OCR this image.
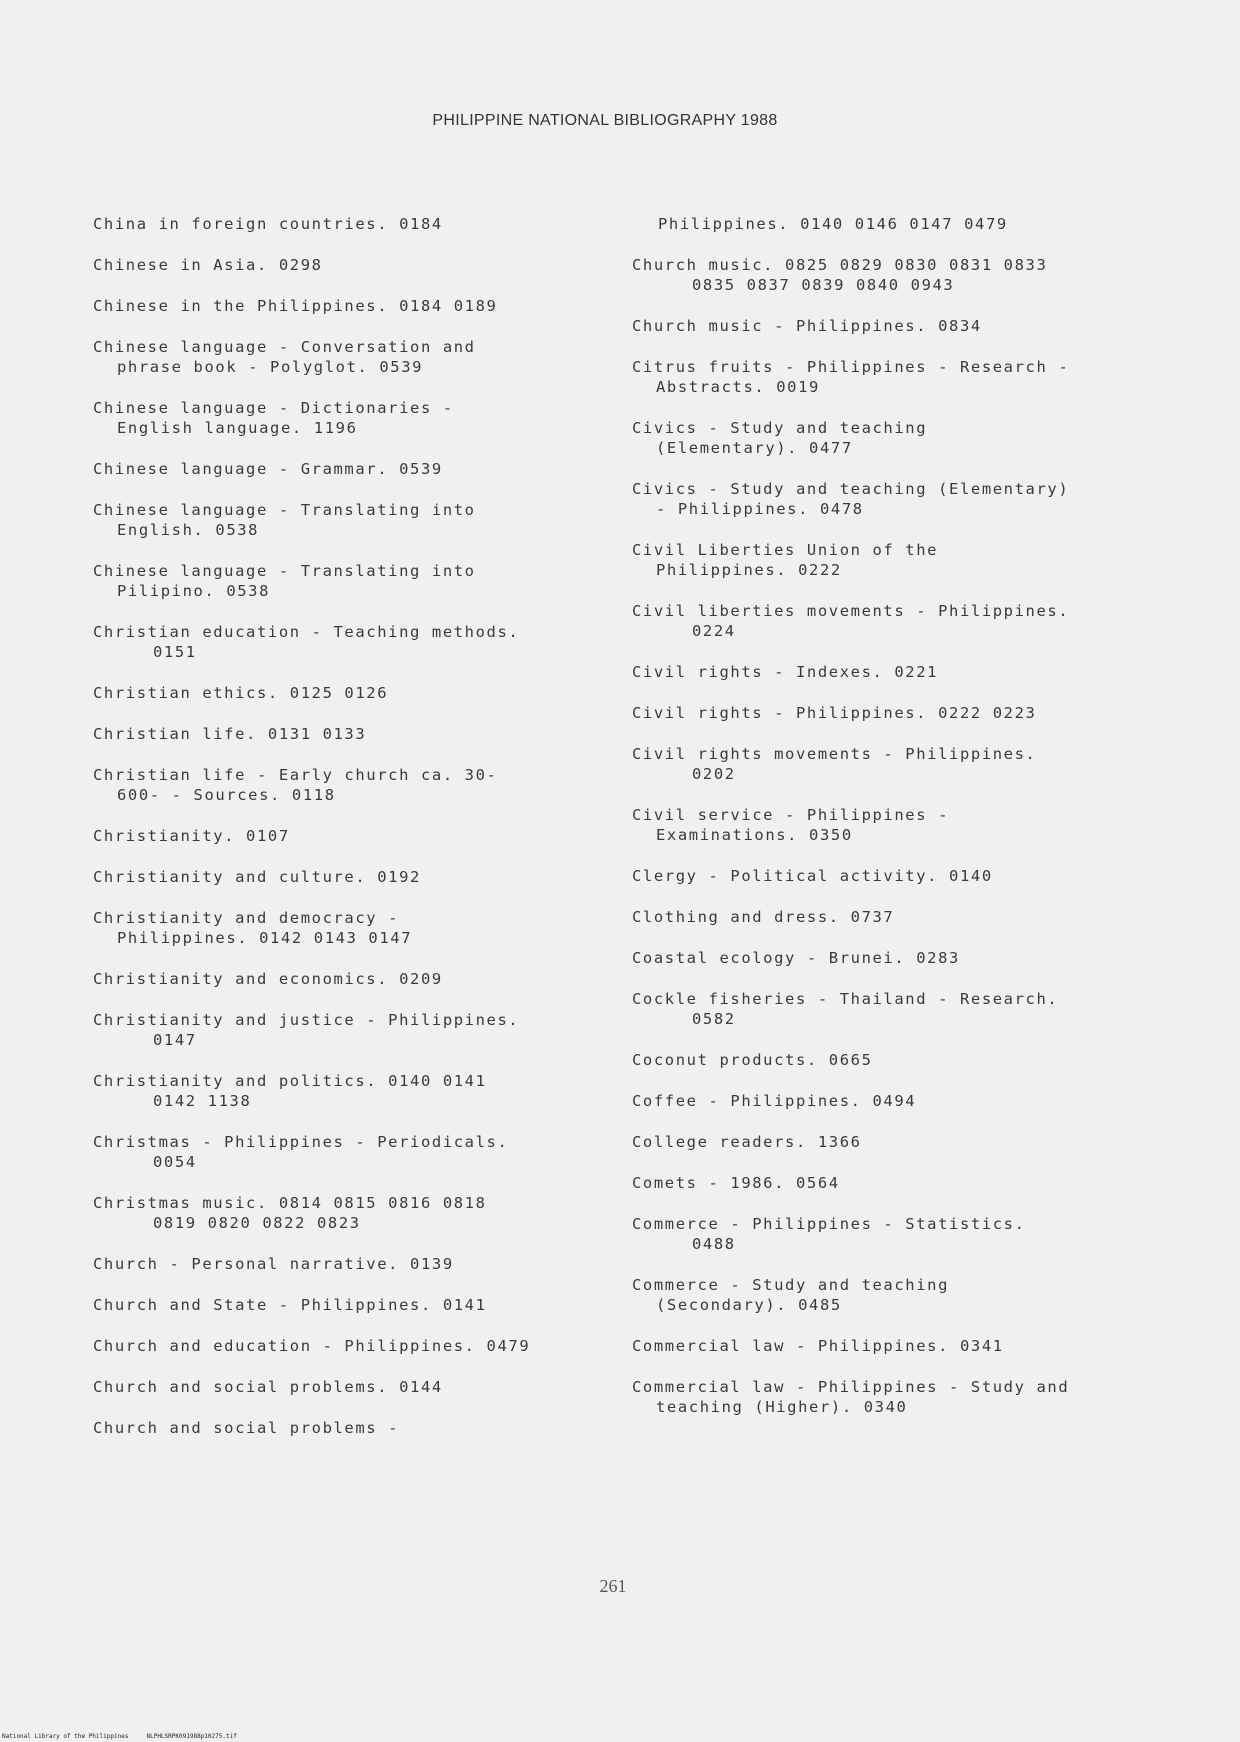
PHILIPPINE NATIONAL BIBLIOGRAPHY 1988
China in foreign countries. 0184
Chinese in Asia. 0298
Chinese in the Philippines. 0184 0189
Chinese language - Conversation and
phrase book - Polyglot. 0539
Chinese language - Dictionaries -
English language. 1196
Chinese language - Grammar. 0539
Chinese language - Translating into
English. 0538
Chinese language - Translating into
Pilipino. 0538
Christian education - Teaching methods.
0151
Christian ethics. 0125 0126
Christian life. 0131 0133
Christian life - Early church ca. 30-
600- - Sources. 0118
Christianity. 0107
Christianity and culture. 0192
Christianity and democracy -
Philippines. 0142 0143 0147
Christianity and economics. 0209
Christianity and justice - Philippines.
0147
Christianity and politics. 0140 0141
0142 1138
Christmas - Philippines - Periodicals.
0054
Christmas music. 0814 0815 0816 0818
0819 0820 0822 0823
Church - Personal narrative. 0139
Church and State - Philippines. 0141
Church and education - Philippines. 0479
Church and social problems. 0144
Church and social problems -
Philippines. 0140 0146 0147 0479
Church music. 0825 0829 0830 0831 0833
0835 0837 0839 0840 0943
Church music - Philippines. 0834
Citrus fruits - Philippines - Research -
Abstracts. 0019
Civics - Study and teaching
(Elementary). 0477
Civics - Study and teaching (Elementary)
- Philippines. 0478
Civil Liberties Union of the
Philippines. 0222
Civil liberties movements - Philippines.
0224
Civil rights - Indexes. 0221
Civil rights - Philippines. 0222 0223
Civil rights movements - Philippines.
0202
Civil service - Philippines -
Examinations. 0350
Clergy - Political activity. 0140
Clothing and dress. 0737
Coastal ecology - Brunei. 0283
Cockle fisheries - Thailand - Research.
0582
Coconut products. 0665
Coffee - Philippines. 0494
College readers. 1366
Comets - 1986. 0564
Commerce - Philippines - Statistics.
0488
Commerce - Study and teaching
(Secondary). 0485
Commercial law - Philippines. 0341
Commercial law - Philippines - Study and
teaching (Higher). 0340
261
National Library of the Philippines     NLPHLSRPK091988p10275.tif
